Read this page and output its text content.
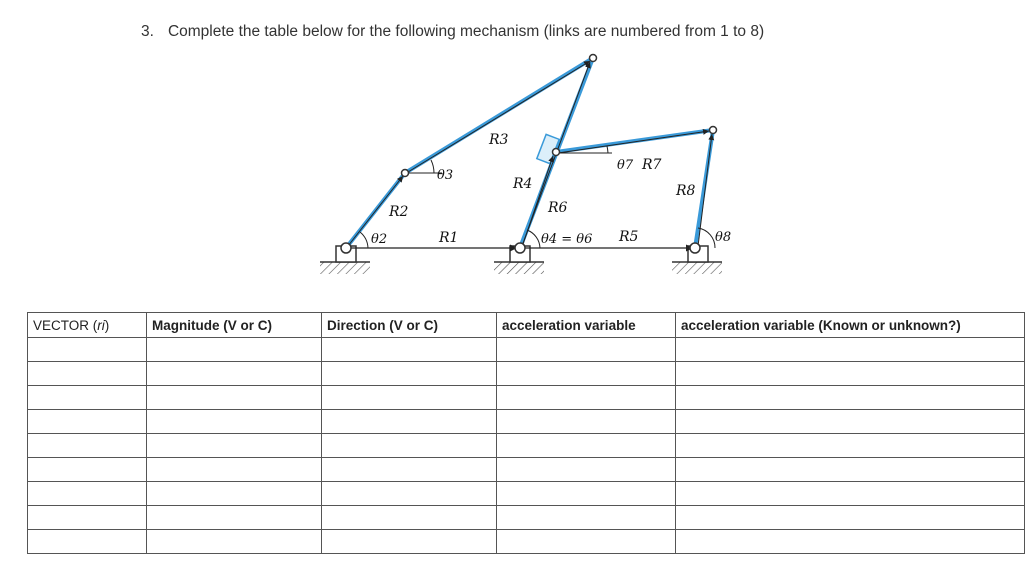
3. Complete the table below for the following mechanism (links are numbered from 1 to 8)
R3
θ3
R4
θ7 R7
R8
R2	R6
θ2	R1	θ4 = θ6 R5	θ8
VECTOR (ri)	Magnitude (V or C)	Direction (V or C)	acceleration variable	acceleration variable (Known or unknown?)
